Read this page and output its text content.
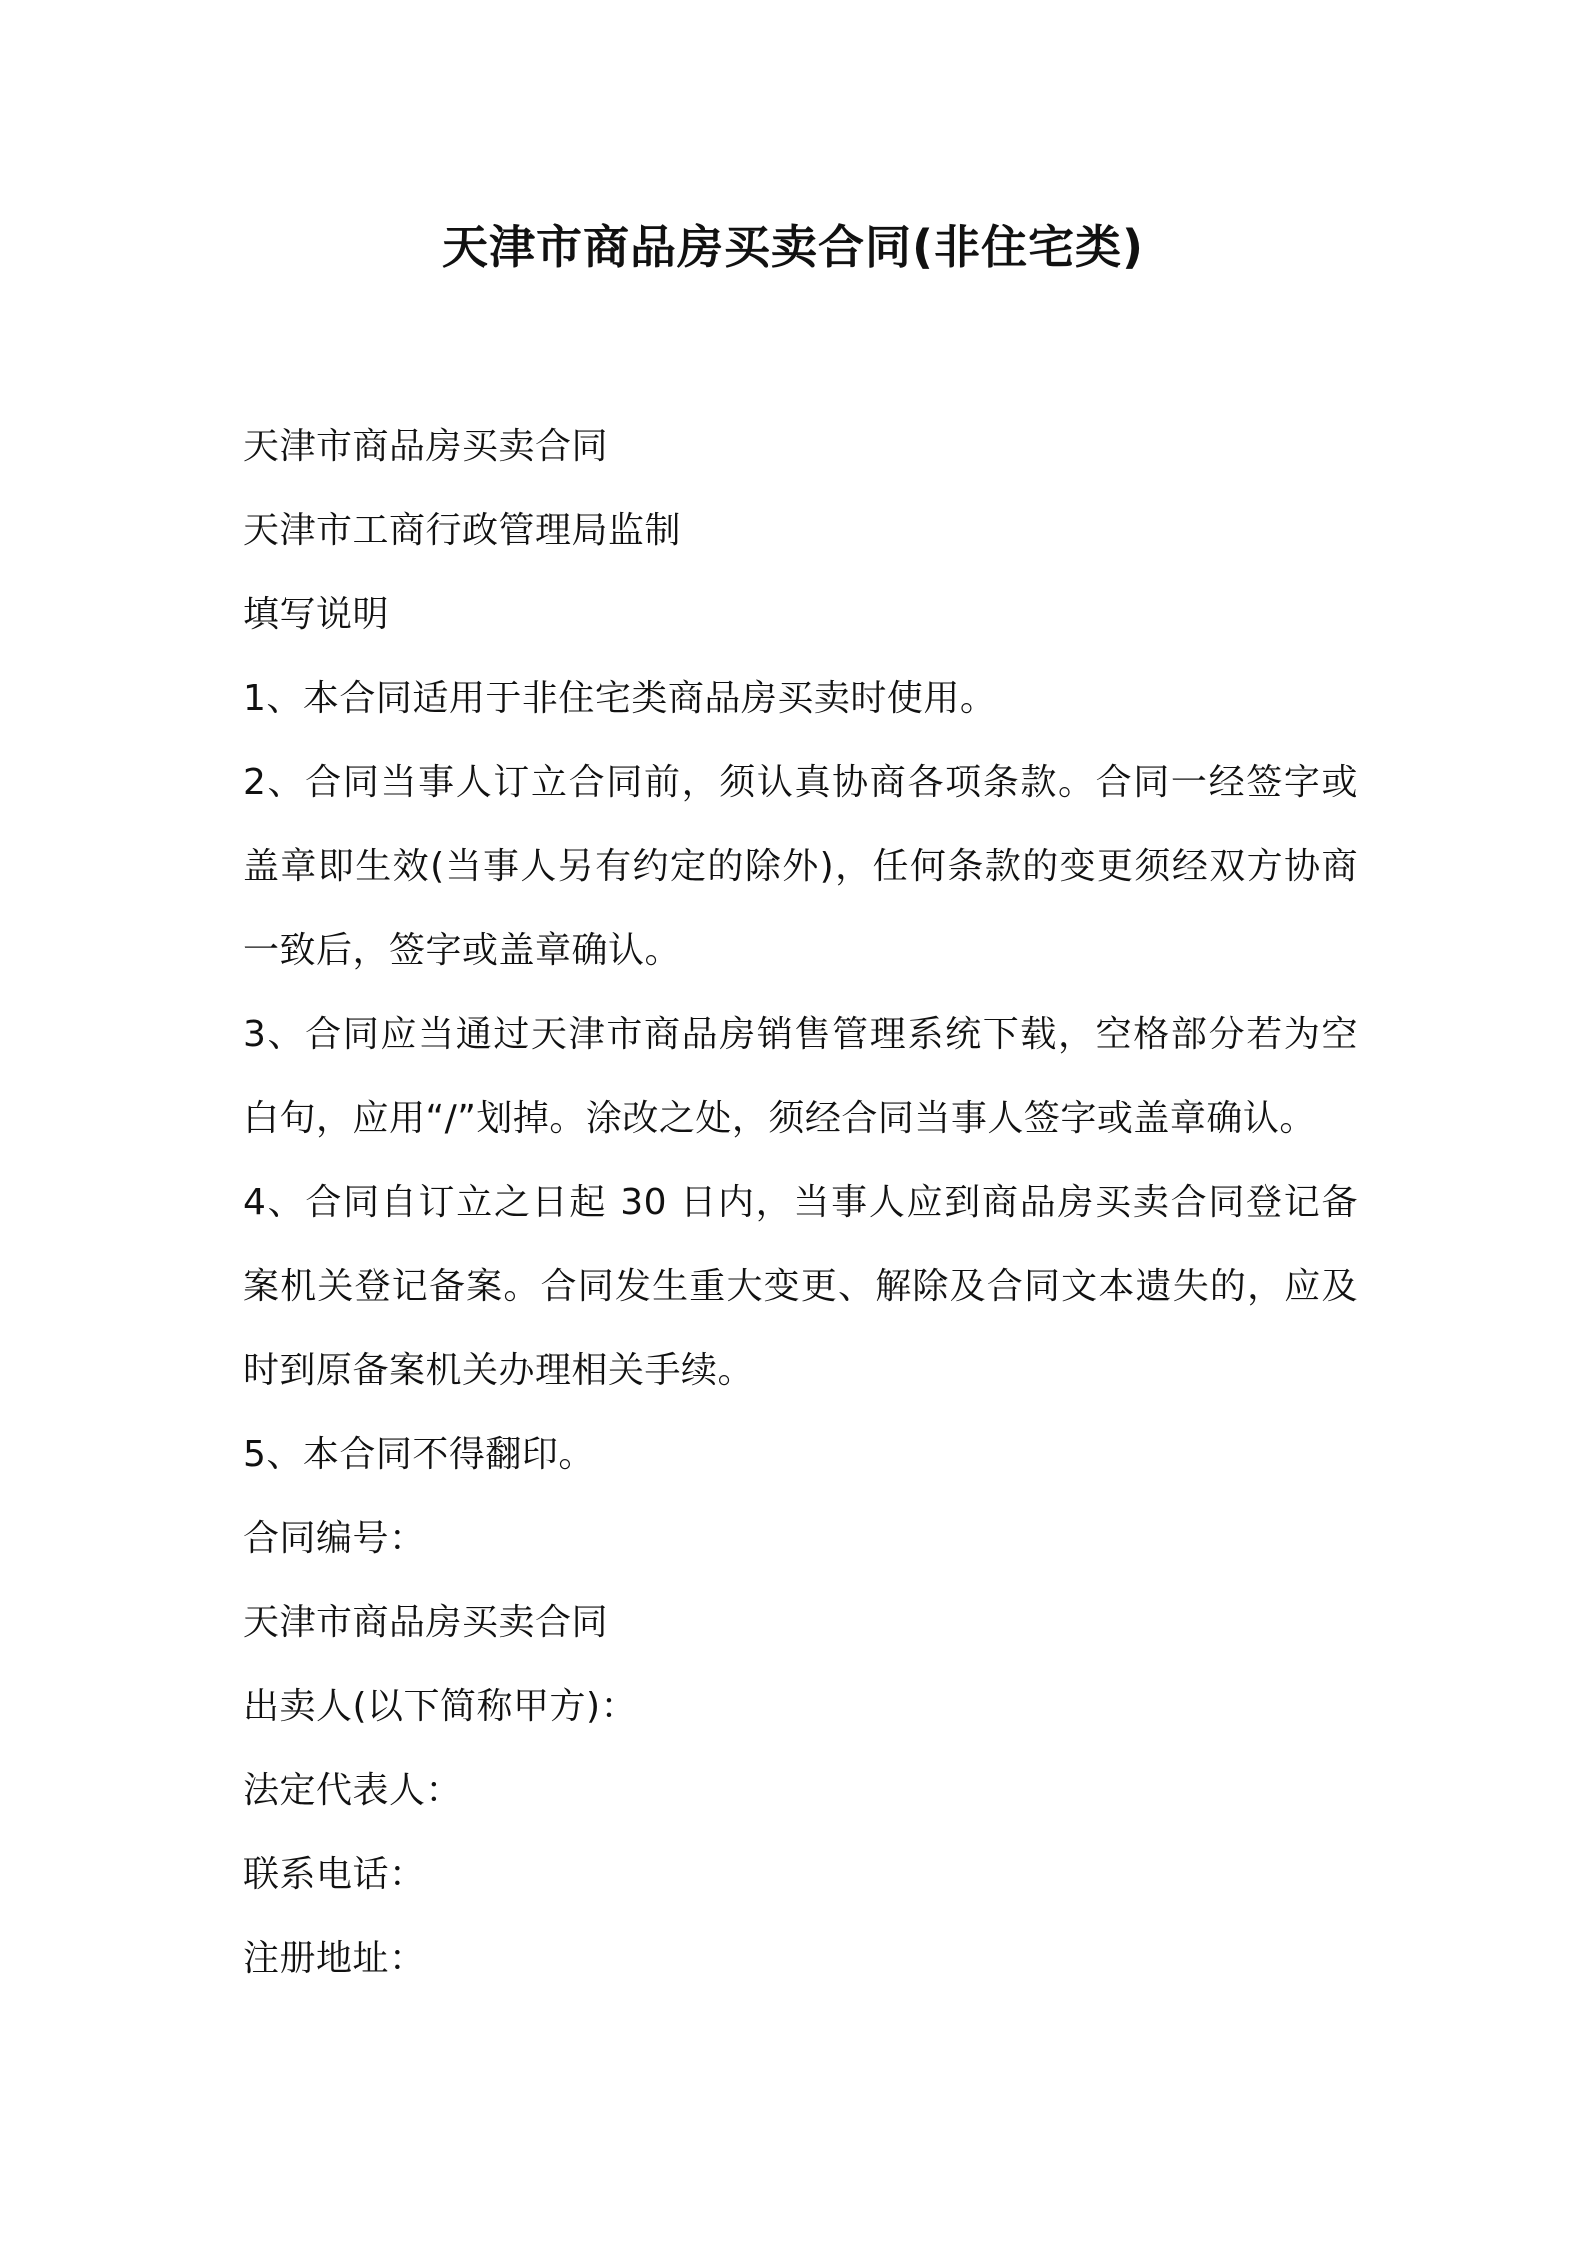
天津市商品房买卖合同(非住宅类)
天津市商品房买卖合同
天津市工商行政管理局监制
填写说明
1、本合同适用于非住宅类商品房买卖时使用。
2、合同当事人订立合同前，须认真协商各项条款。合同一经签字或盖章即生效(当事人另有约定的除外)，任何条款的变更须经双方协商一致后，签字或盖章确认。
3、合同应当通过天津市商品房销售管理系统下载，空格部分若为空白句，应用“/”划掉。涂改之处，须经合同当事人签字或盖章确认。
4、合同自订立之日起 30 日内，当事人应到商品房买卖合同登记备案机关登记备案。合同发生重大变更、解除及合同文本遗失的，应及时到原备案机关办理相关手续。
5、本合同不得翻印。
合同编号：
天津市商品房买卖合同
出卖人(以下简称甲方)：
法定代表人：
联系电话：
注册地址：
